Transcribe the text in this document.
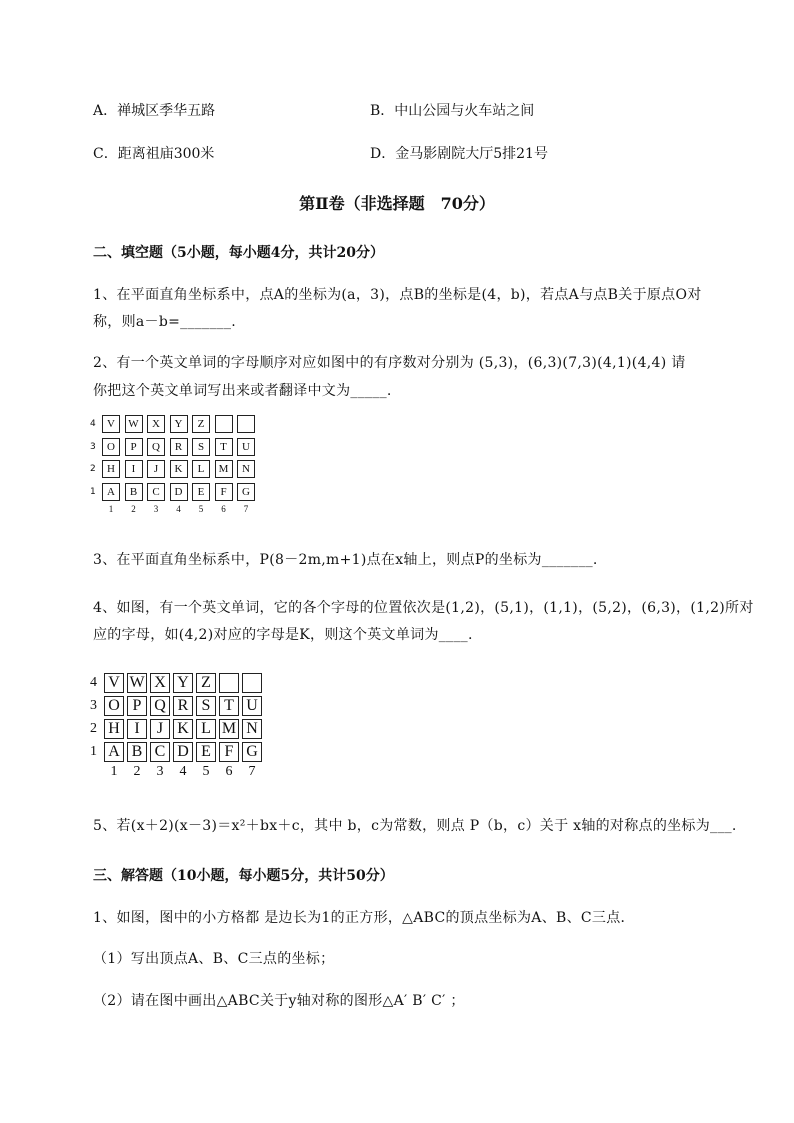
A．禅城区季华五路	B．中山公园与火车站之间
C．距离祖庙300米	D．金马影剧院大厅5排21号
第Ⅱ卷（非选择题　70分）
二、填空题（5小题，每小题4分，共计20分）
1、在平面直角坐标系中，点A的坐标为(a，3)，点B的坐标是(4，b)，若点A与点B关于原点O对
称，则a－b=_______.
2、有一个英文单词的字母顺序对应如图中的有序数对分别为 (5,3)，(6,3)(7,3)(4,1)(4,4) 请
你把这个英文单词写出来或者翻译中文为_____.
4	V	W	X	Y	Z
3	O	P	Q	R	S	T	U
2	H	I	J	K	L	M	N
1	A	B	C	D	E	F	G
1	2	3	4	5	6	7
3、在平面直角坐标系中，P(8－2m,m+1)点在x轴上，则点P的坐标为_______.
4、如图，有一个英文单词，它的各个字母的位置依次是(1,2)，(5,1)，(1,1)，(5,2)，(6,3)，(1,2)所对
应的字母，如(4,2)对应的字母是K，则这个英文单词为____.
4 V W X Y Z
3 O P Q R S T U
2 H I	J K L M N
1 A B C D E F G
1	2	3	4	5	6	7
5、若(x＋2)(x－3)＝x²＋bx＋c，其中 b，c为常数，则点 P（b，c）关于 x轴的对称点的坐标为___.
三、解答题（10小题，每小题5分，共计50分）
1、如图，图中的小方格都 是边长为1的正方形，△ABC的顶点坐标为A、B、C三点．
（1）写出顶点A、B、C三点的坐标；
（2）请在图中画出△ABC关于y轴对称的图形△A′ B′ C′ ；
